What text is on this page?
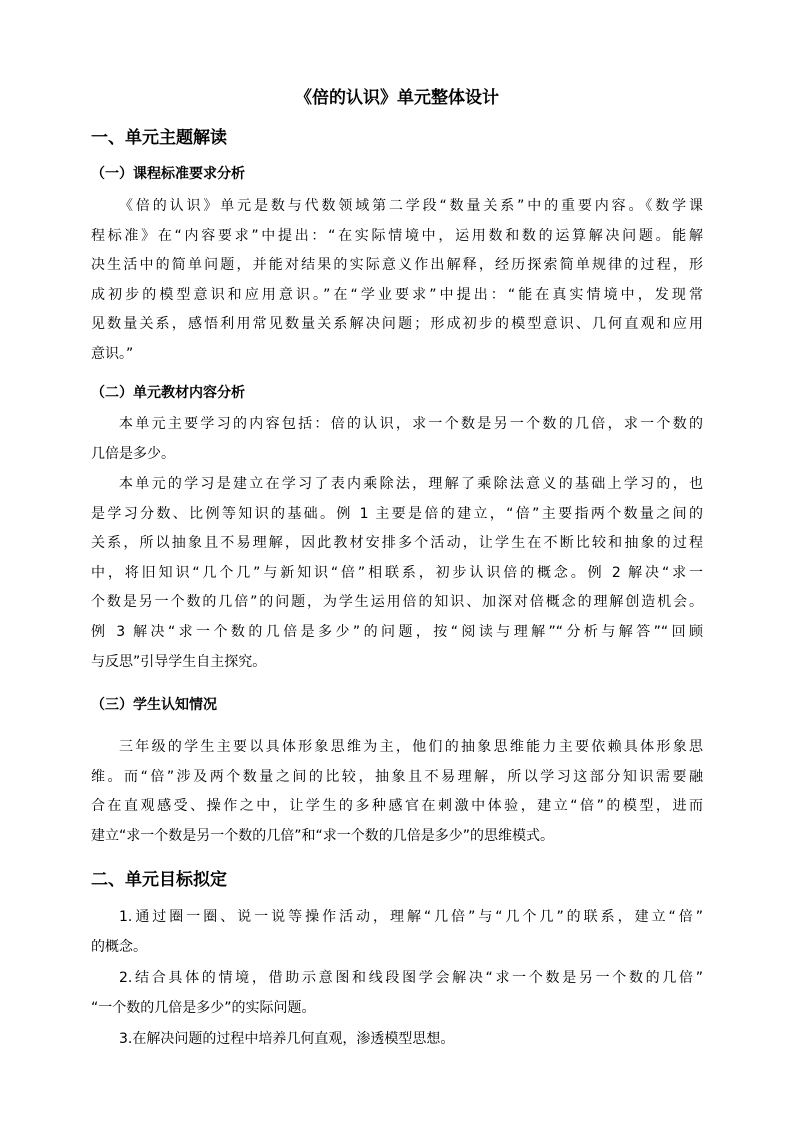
《倍的认识》单元整体设计
一、单元主题解读
（一）课程标准要求分析
《倍的认识》单元是数与代数领域第二学段“数量关系”中的重要内容。《数学课
程标准》在“内容要求”中提出：“在实际情境中，运用数和数的运算解决问题。能解
决生活中的简单问题，并能对结果的实际意义作出解释，经历探索简单规律的过程，形
成初步的模型意识和应用意识。”在“学业要求”中提出：“能在真实情境中，发现常
见数量关系，感悟利用常见数量关系解决问题；形成初步的模型意识、几何直观和应用
意识。”
（二）单元教材内容分析
本单元主要学习的内容包括：倍的认识，求一个数是另一个数的几倍，求一个数的
几倍是多少。
本单元的学习是建立在学习了表内乘除法，理解了乘除法意义的基础上学习的，也
是学习分数、比例等知识的基础。例 1 主要是倍的建立，“倍”主要指两个数量之间的
关系，所以抽象且不易理解，因此教材安排多个活动，让学生在不断比较和抽象的过程
中，将旧知识“几个几”与新知识“倍”相联系，初步认识倍的概念。例 2 解决“求一
个数是另一个数的几倍”的问题，为学生运用倍的知识、加深对倍概念的理解创造机会。
例 3 解决“求一个数的几倍是多少”的问题，按“阅读与理解”“分析与解答”“回顾
与反思”引导学生自主探究。
（三）学生认知情况
三年级的学生主要以具体形象思维为主，他们的抽象思维能力主要依赖具体形象思
维。而“倍”涉及两个数量之间的比较，抽象且不易理解，所以学习这部分知识需要融
合在直观感受、操作之中，让学生的多种感官在刺激中体验，建立“倍”的模型，进而
建立“求一个数是另一个数的几倍”和“求一个数的几倍是多少”的思维模式。
二、单元目标拟定
1.通过圈一圈、说一说等操作活动，理解“几倍”与“几个几”的联系，建立“倍”
的概念。
2.结合具体的情境，借助示意图和线段图学会解决“求一个数是另一个数的几倍”
“一个数的几倍是多少”的实际问题。
3.在解决问题的过程中培养几何直观，渗透模型思想。
